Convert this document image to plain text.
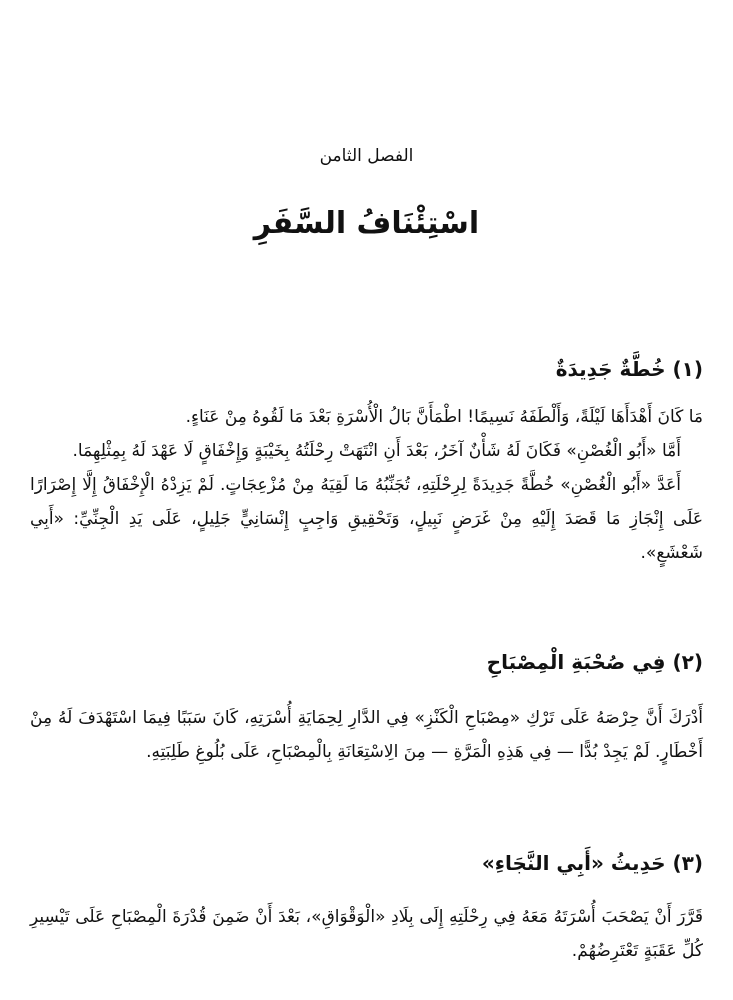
الفصل الثامن
اسْتِئْنَافُ السَّفَرِ
(١) خُطَّةٌ جَدِيدَةٌ

مَا كَانَ أَهْدَأَهَا لَيْلَةً، وَأَلْطَفَهُ نَسِيمًا! اطْمَأَنَّ بَالُ الْأُسْرَةِ بَعْدَ مَا لَقُوهُ مِنْ عَنَاءٍ.

أَمَّا «أَبُو الْغُصْنِ» فَكَانَ لَهُ شَأْنٌ آخَرُ، بَعْدَ أَنِ انْتَهَتْ رِحْلَتُهُ بِخَيْبَةٍ وَإِخْفَاقٍ لَا عَهْدَ لَهُ بِمِثْلِهِمَا.

أَعَدَّ «أَبُو الْغُصْنِ» خُطَّةً جَدِيدَةً لِرِحْلَتِهِ، تُجَنِّبُهُ مَا لَقِيَهُ مِنْ مُزْعِجَاتٍ. لَمْ يَزِدْهُ الْإِخْفَاقُ إِلَّا إِصْرَارًا عَلَى إِنْجَازِ مَا قَصَدَ إِلَيْهِ مِنْ غَرَضٍ نَبِيلٍ، وَتَحْقِيقِ وَاجِبٍ إِنْسَانِيٍّ جَلِيلٍ، عَلَى يَدِ الْجِنِّيِّ: «أَبِي شَعْشَعٍ».

(٢) فِي صُحْبَةِ الْمِصْبَاحِ

أَدْرَكَ أَنَّ حِرْصَهُ عَلَى تَرْكِ «مِصْبَاحِ الْكَنْزِ» فِي الدَّارِ لِحِمَايَةِ أُسْرَتِهِ، كَانَ سَبَبًا فِيمَا اسْتَهْدَفَ لَهُ مِنْ أَخْطَارٍ. لَمْ يَجِدْ بُدًّا — فِي هَذِهِ الْمَرَّةِ — مِنَ الِاسْتِعَانَةِ بِالْمِصْبَاحِ، عَلَى بُلُوغِ طَلِبَتِهِ.

(٣) حَدِيثُ «أَبِي النَّجَاءِ»

قَرَّرَ أَنْ يَصْحَبَ أُسْرَتَهُ مَعَهُ فِي رِحْلَتِهِ إِلَى بِلَادِ «الْوَقْوَاقِ»، بَعْدَ أَنْ ضَمِنَ قُدْرَةَ الْمِصْبَاحِ عَلَى تَيْسِيرِ كُلِّ عَقَبَةٍ تَعْتَرِضُهُمْ.
